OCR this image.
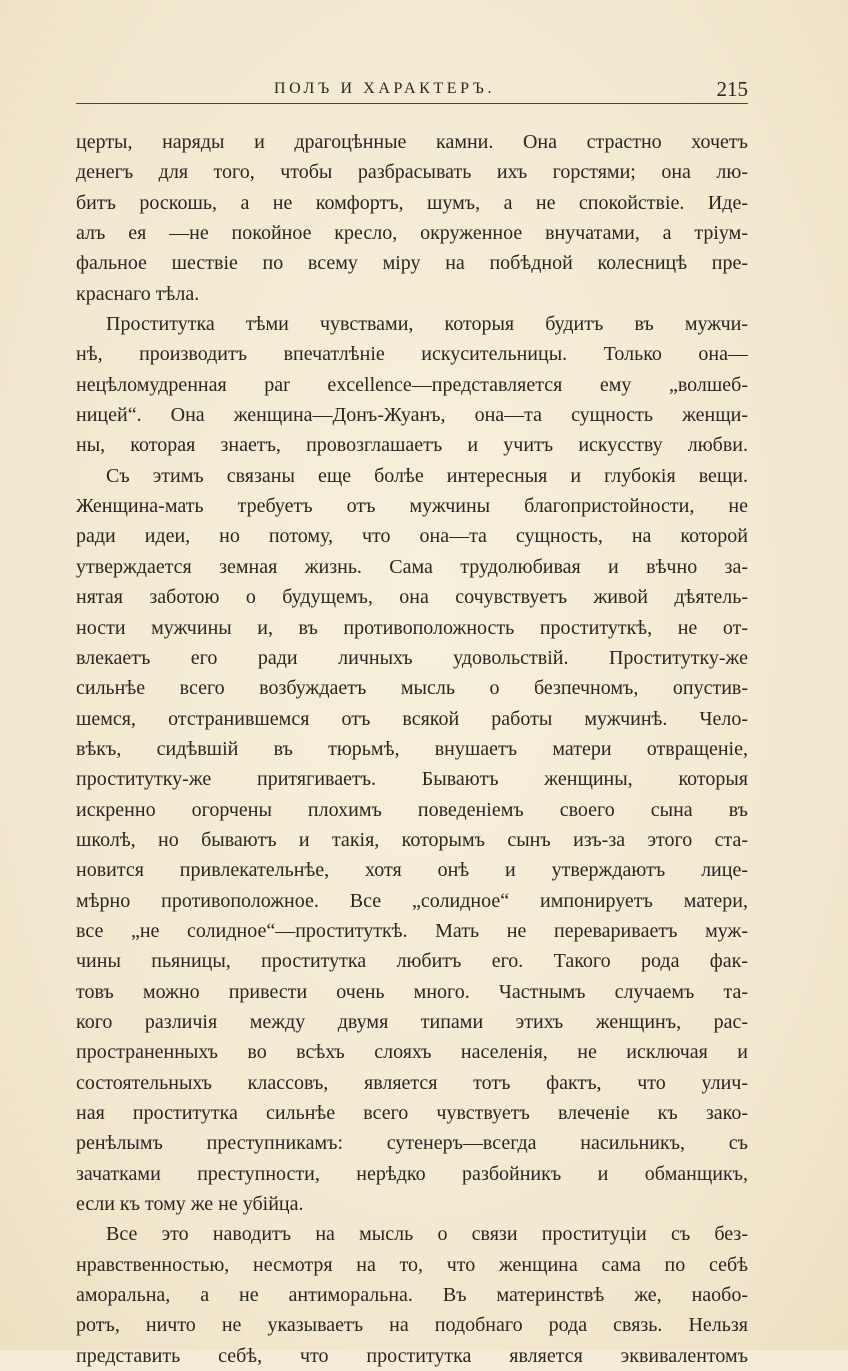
ПОЛЪ И ХАРАКТЕРЪ.	215
церты, наряды и драгоцѣнные камни. Она страстно хочетъ
денегъ для того, чтобы разбрасывать ихъ горстями; она лю-
битъ роскошь, а не комфортъ, шумъ, а не спокойствіе. Иде-
алъ ея —не покойное кресло, окруженное внучатами, а тріум-
фальное шествіе по всему міру на побѣдной колесницѣ пре-
краснаго тѣла.
Проститутка тѣми чувствами, которыя будитъ въ мужчи-
нѣ, производитъ впечатлѣніе искусительницы. Только она—
нецѣломудренная par excellence—представляется ему „волшеб-
ницей“. Она женщина—Донъ-Жуанъ, она—та сущность женщи-
ны, которая знаетъ, провозглашаетъ и учитъ искусству любви.
Съ этимъ связаны еще болѣе интересныя и глубокія вещи.
Женщина-мать требуетъ отъ мужчины благопристойности, не
ради идеи, но потому, что она—та сущность, на которой
утверждается земная жизнь. Сама трудолюбивая и вѣчно за-
нятая заботою о будущемъ, она сочувствуетъ живой дѣятель-
ности мужчины и, въ противоположность проституткѣ, не от-
влекаетъ его ради личныхъ удовольствій. Проститутку-же
сильнѣе всего возбуждаетъ мысль о безпечномъ, опустив-
шемся, отстранившемся отъ всякой работы мужчинѣ. Чело-
вѣкъ, сидѣвшій въ тюрьмѣ, внушаетъ матери отвращеніе,
проститутку-же притягиваетъ. Бываютъ женщины, которыя
искренно огорчены плохимъ поведеніемъ своего сына въ
школѣ, но бываютъ и такія, которымъ сынъ изъ-за этого ста-
новится привлекательнѣе, хотя онѣ и утверждаютъ лице-
мѣрно противоположное. Все „солидное“ импонируетъ матери,
все „не солидное“—проституткѣ. Мать не переваривaетъ муж-
чины пьяницы, проститутка любитъ его. Такого рода фак-
товъ можно привести очень много. Частнымъ случаемъ та-
кого различія между двумя типами этихъ женщинъ, рас-
пространенныхъ во всѣхъ слояхъ населенія, не исключая и
состоятельныхъ классовъ, является тотъ фактъ, что улич-
ная проститутка сильнѣе всего чувствуетъ влеченіе къ зако-
ренѣлымъ преступникамъ: сутенеръ—всегда насильникъ, съ
зачатками преступности, нерѣдко разбойникъ и обманщикъ,
если къ тому же не убійца.
Все это наводитъ на мысль о связи проституціи съ без-
нравственностью, несмотря на то, что женщина сама по себѣ
аморальна, а не антиморальна. Въ материнствѣ же, наобо-
ротъ, ничто не указываетъ на подобнаго рода связь. Нельзя
представить себѣ, что проститутка является эквивалентомъ
